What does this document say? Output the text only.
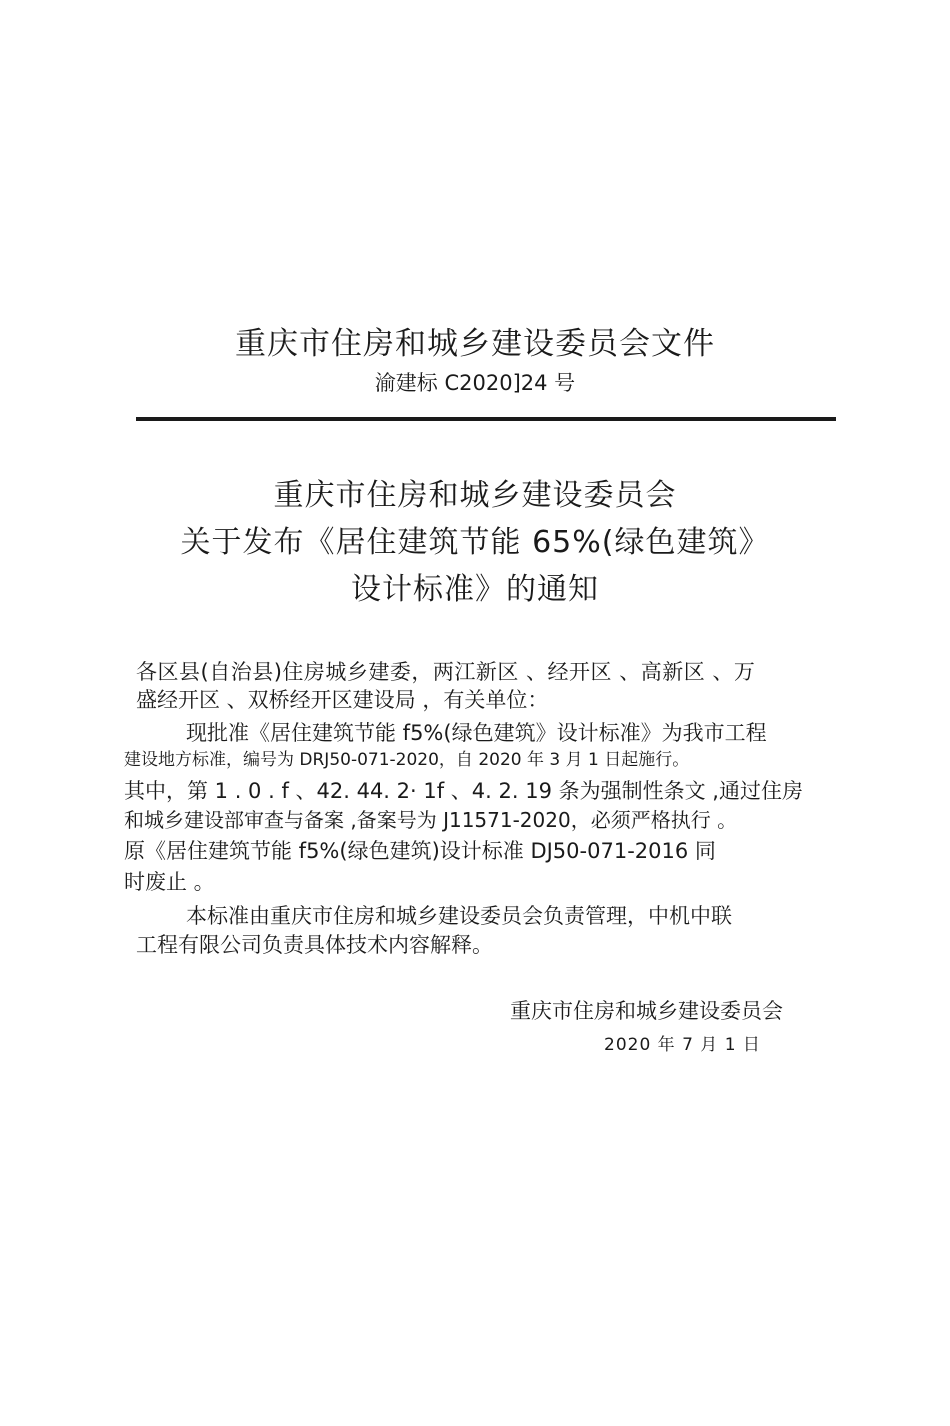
重庆市住房和城乡建设委员会文件
渝建标 C2020]24 号
重庆市住房和城乡建设委员会
关于发布《居住建筑节能 65%(绿色建筑》
设计标准》的通知
各区县(自治县)住房城乡建委，两江新区 、经开区 、高新区 、万
盛经开区 、双桥经开区建设局 ，有关单位：
现批准《居住建筑节能 f5%(绿色建筑》设计标准》为我市工程
建设地方标准，编号为 DRJ50-071-2020，自 2020 年 3 月 1 日起施行。
其中，第 1 . 0 . f 、42. 44. 2· 1f 、4. 2. 19 条为强制性条文 ,通过住房
和城乡建设部审查与备案 ,备案号为 J11571-2020，必须严格执行 。
原《居住建筑节能 f5%(绿色建筑)设计标准 DJ50-071-2016 同
时废止 。
本标准由重庆市住房和城乡建设委员会负责管理，中机中联
工程有限公司负责具体技术内容解释。
重庆市住房和城乡建设委员会
2020 年 7 月 1 日
